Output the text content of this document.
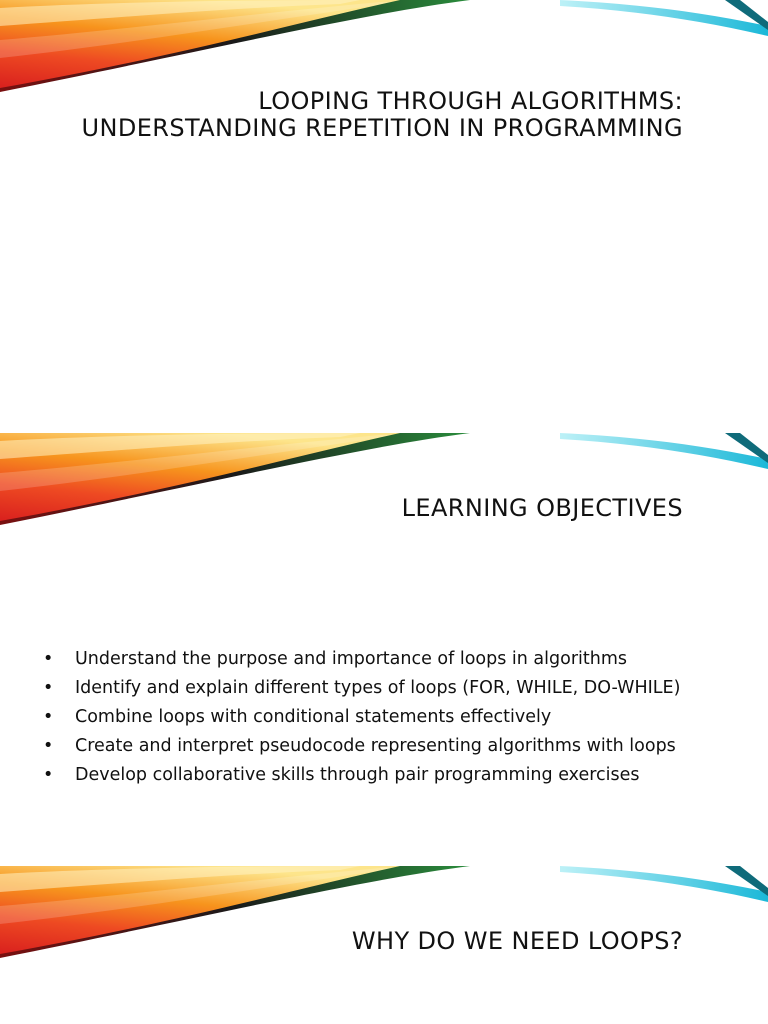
LOOPING THROUGH ALGORITHMS:
UNDERSTANDING REPETITION IN PROGRAMMING
LEARNING OBJECTIVES
• Understand the purpose and importance of loops in algorithms
• Identify and explain different types of loops (FOR, WHILE, DO-WHILE)
• Combine loops with conditional statements effectively
• Create and interpret pseudocode representing algorithms with loops
• Develop collaborative skills through pair programming exercises
WHY DO WE NEED LOOPS?
